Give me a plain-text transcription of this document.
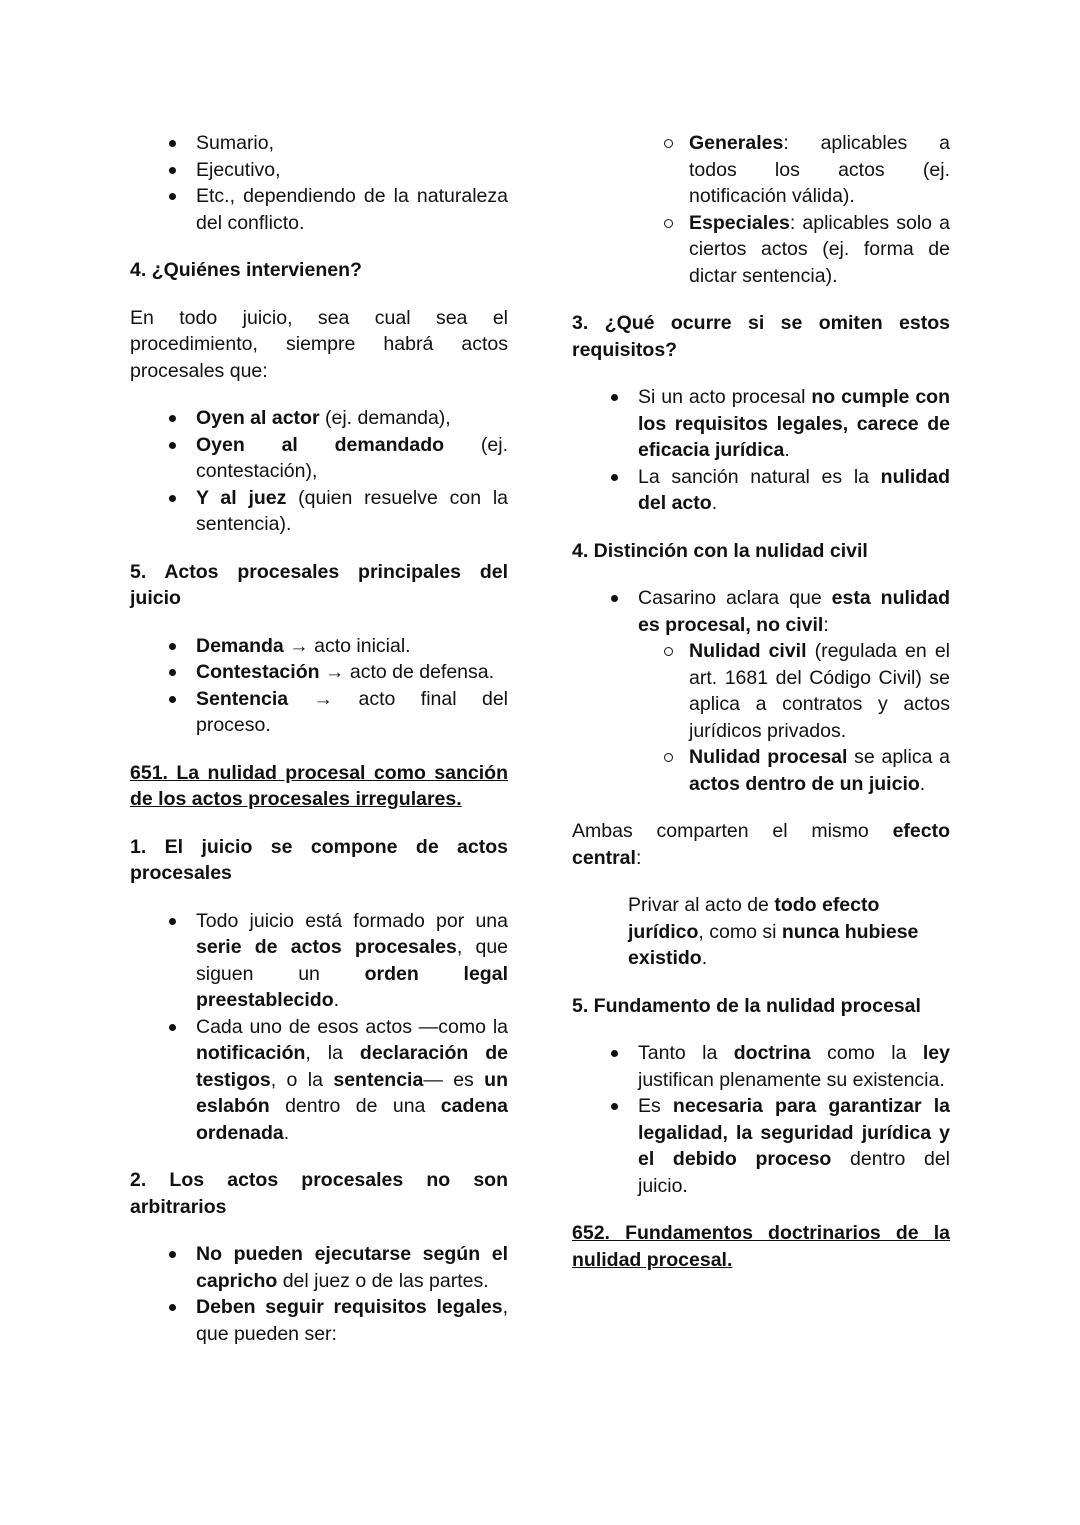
Sumario,
Ejecutivo,
Etc., dependiendo de la naturaleza del conflicto.
4. ¿Quiénes intervienen?
En todo juicio, sea cual sea el procedimiento, siempre habrá actos procesales que:
Oyen al actor (ej. demanda),
Oyen al demandado (ej. contestación),
Y al juez (quien resuelve con la sentencia).
5. Actos procesales principales del juicio
Demanda → acto inicial.
Contestación → acto de defensa.
Sentencia → acto final del proceso.
651. La nulidad procesal como sanción de los actos procesales irregulares.
1. El juicio se compone de actos procesales
Todo juicio está formado por una serie de actos procesales, que siguen un orden legal preestablecido.
Cada uno de esos actos —como la notificación, la declaración de testigos, o la sentencia— es un eslabón dentro de una cadena ordenada.
2. Los actos procesales no son arbitrarios
No pueden ejecutarse según el capricho del juez o de las partes.
Deben seguir requisitos legales, que pueden ser:
Generales: aplicables a todos los actos (ej. notificación válida).
Especiales: aplicables solo a ciertos actos (ej. forma de dictar sentencia).
3. ¿Qué ocurre si se omiten estos requisitos?
Si un acto procesal no cumple con los requisitos legales, carece de eficacia jurídica.
La sanción natural es la nulidad del acto.
4. Distinción con la nulidad civil
Casarino aclara que esta nulidad es procesal, no civil:
Nulidad civil (regulada en el art. 1681 del Código Civil) se aplica a contratos y actos jurídicos privados.
Nulidad procesal se aplica a actos dentro de un juicio.
Ambas comparten el mismo efecto central:
Privar al acto de todo efecto jurídico, como si nunca hubiese existido.
5. Fundamento de la nulidad procesal
Tanto la doctrina como la ley justifican plenamente su existencia.
Es necesaria para garantizar la legalidad, la seguridad jurídica y el debido proceso dentro del juicio.
652. Fundamentos doctrinarios de la nulidad procesal.
